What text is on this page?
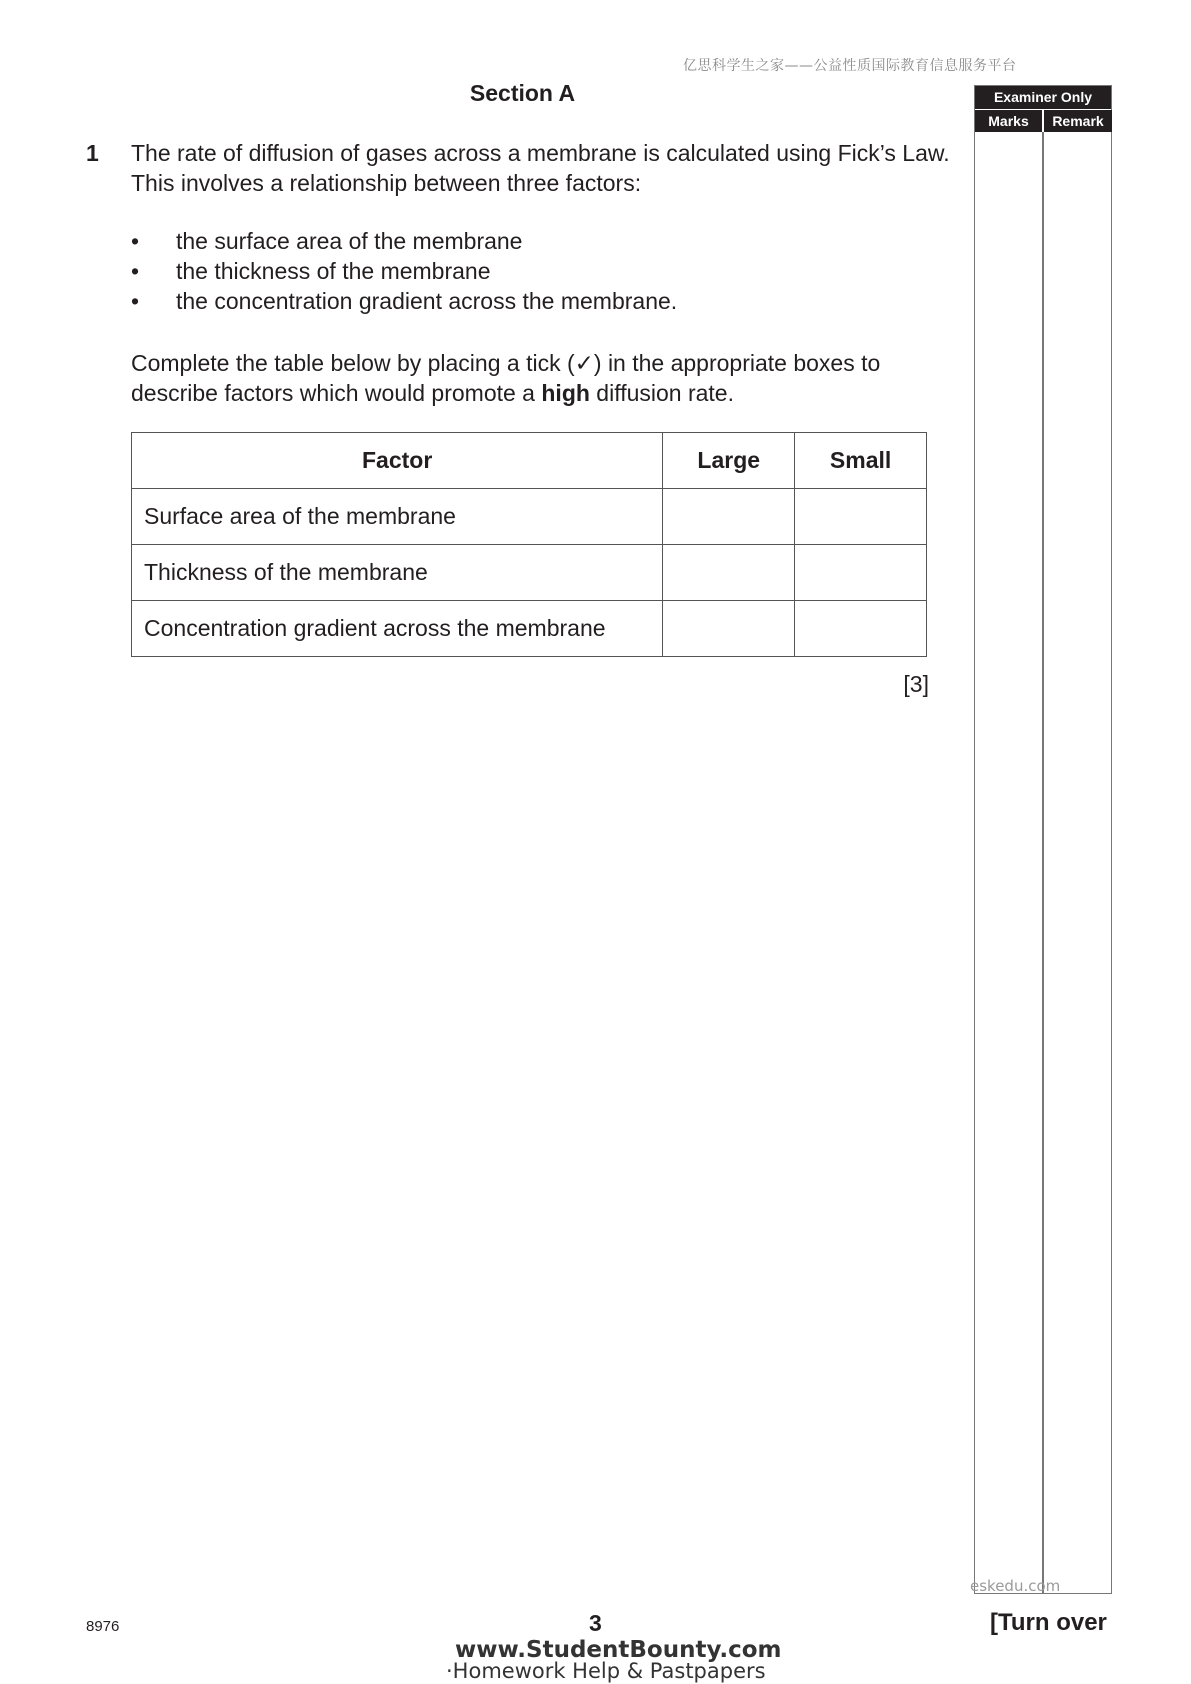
亿思科学生之家——公益性质国际教育信息服务平台
Section A
1 The rate of diffusion of gases across a membrane is calculated using Fick’s Law. This involves a relationship between three factors:
• the surface area of the membrane
• the thickness of the membrane
• the concentration gradient across the membrane.
Complete the table below by placing a tick (✓) in the appropriate boxes to describe factors which would promote a high diffusion rate.
Factor	Large	Small
Surface area of the membrane		
Thickness of the membrane		
Concentration gradient across the membrane		
[3]
Examiner Only
Marks	Remark
eskedu.com
8976	3	[Turn over
www.StudentBounty.com
·Homework Help & Pastpapers
